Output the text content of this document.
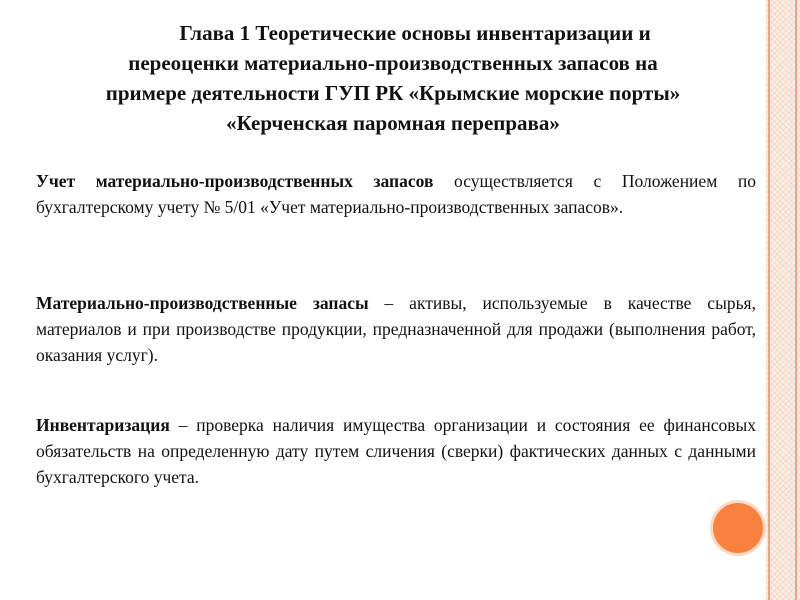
Глава 1 Теоретические основы инвентаризации и
переоценки материально-производственных запасов на
примере деятельности ГУП РК «Крымские морские порты»
«Керченская паромная переправа»
Учет материально-производственных запасов осуществляется с Положением по бухгалтерскому учету № 5/01 «Учет материально-производственных запасов».
Материально-производственные запасы – активы, используемые в качестве сырья, материалов и при производстве продукции, предназначенной для продажи (выполнения работ, оказания услуг).
Инвентаризация – проверка наличия имущества организации и состояния ее финансовых обязательств на определенную дату путем сличения (сверки) фактических данных с данными бухгалтерского учета.
